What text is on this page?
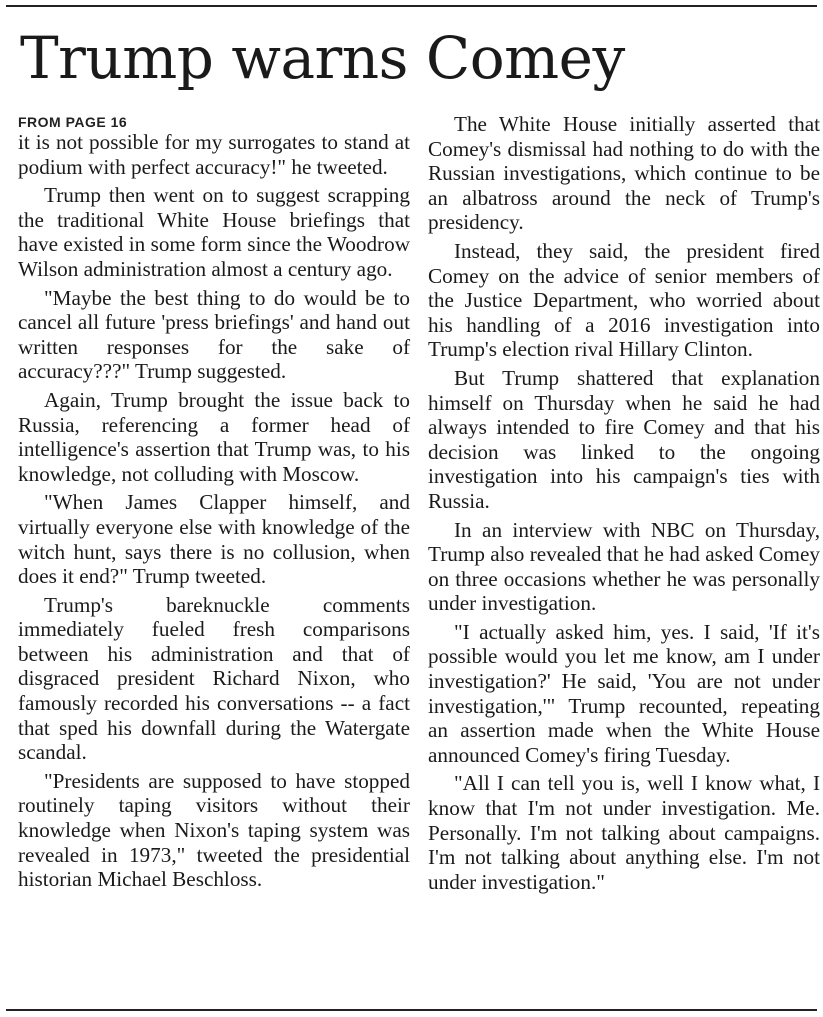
Trump warns Comey
FROM PAGE 16

it is not possible for my surrogates to stand at podium with perfect accuracy!" he tweeted.

Trump then went on to suggest scrapping the traditional White House briefings that have existed in some form since the Woodrow Wilson administration almost a century ago.

"Maybe the best thing to do would be to cancel all future 'press briefings' and hand out written responses for the sake of accuracy???" Trump suggested.

Again, Trump brought the issue back to Russia, referencing a former head of intelligence's assertion that Trump was, to his knowledge, not colluding with Moscow.

"When James Clapper himself, and virtually everyone else with knowledge of the witch hunt, says there is no collusion, when does it end?" Trump tweeted.

Trump's bareknuckle comments immediately fueled fresh comparisons between his administration and that of disgraced president Richard Nixon, who famously recorded his conversations -- a fact that sped his downfall during the Watergate scandal.

"Presidents are supposed to have stopped routinely taping visitors without their knowledge when Nixon's taping system was revealed in 1973," tweeted the presidential historian Michael Beschloss.

The White House initially asserted that Comey's dismissal had nothing to do with the Russian investigations, which continue to be an albatross around the neck of Trump's presidency.

Instead, they said, the president fired Comey on the advice of senior members of the Justice Department, who worried about his handling of a 2016 investigation into Trump's election rival Hillary Clinton.

But Trump shattered that explanation himself on Thursday when he said he had always intended to fire Comey and that his decision was linked to the ongoing investigation into his campaign's ties with Russia.

In an interview with NBC on Thursday, Trump also revealed that he had asked Comey on three occasions whether he was personally under investigation.

"I actually asked him, yes. I said, 'If it's possible would you let me know, am I under investigation?' He said, 'You are not under investigation,'" Trump recounted, repeating an assertion made when the White House announced Comey's firing Tuesday.

"All I can tell you is, well I know what, I know that I'm not under investigation. Me. Personally. I'm not talking about campaigns. I'm not talking about anything else. I'm not under investigation."
